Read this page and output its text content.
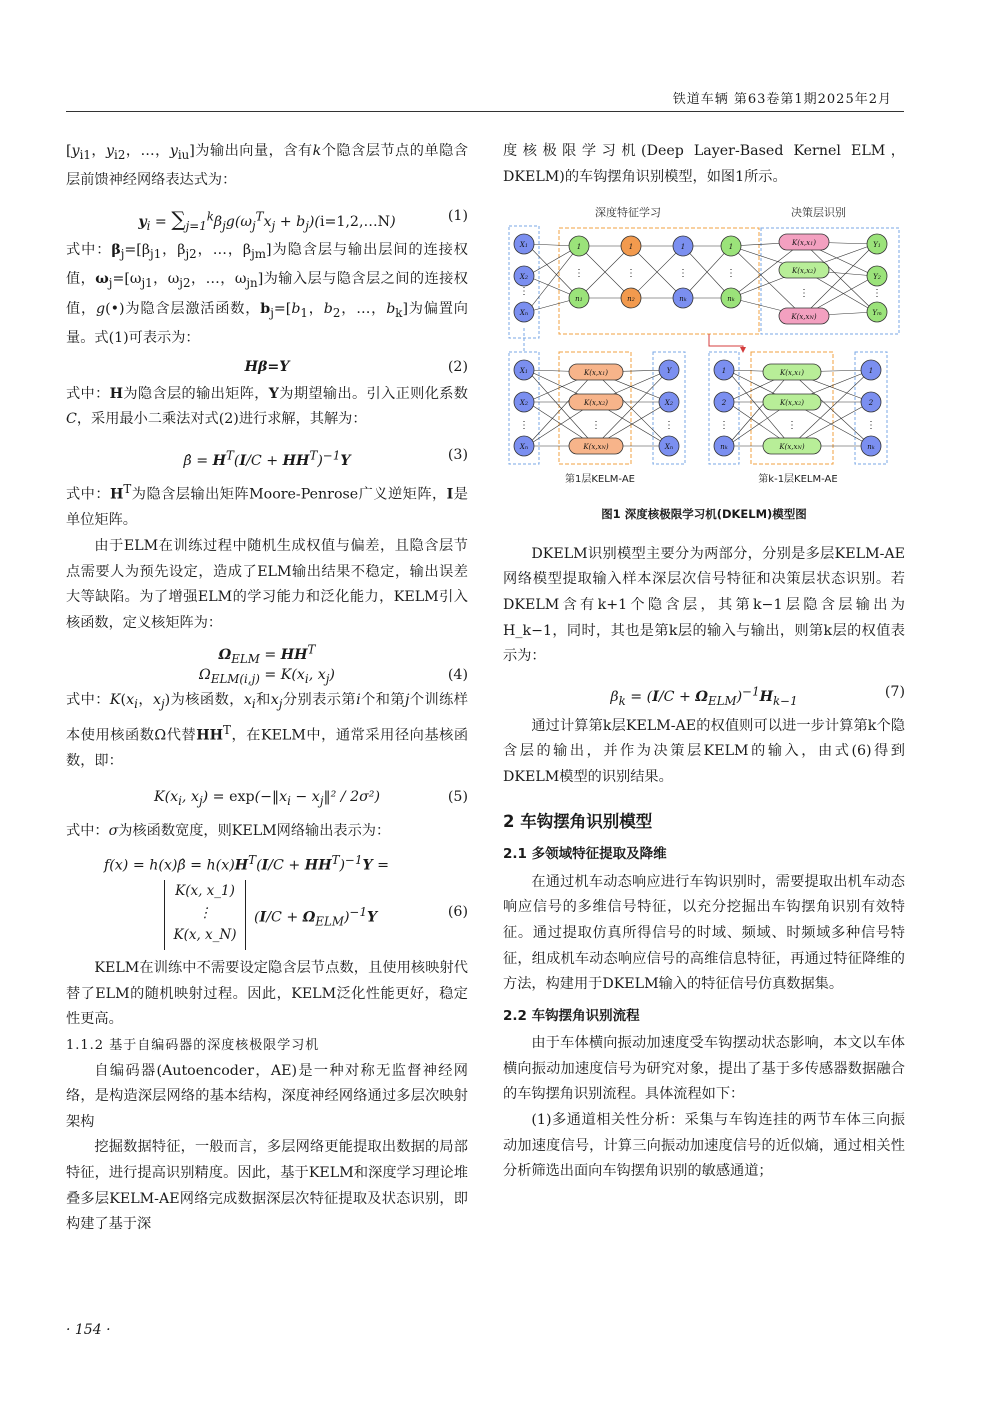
铁道车辆 第63卷第1期2025年2月

[$y_{i1}$，$y_{i2}$，…，$y_{iu}$]为输出向量，含有k个隐含层节点的单隐含层前馈神经网络表达式为：

$y_i = \sum_{j=1}^k\beta_jg(\omega_j^Tx_j$ + $b_j)(i=1,2,\dots N)$	(1)

式中：$\beta_j=[\beta_{j1}$，$\beta_{j2}$，…，$\beta_{jm}$]为隐含层与输出层间的连接权值，$\omega_j=[\omega_{j1}$，$\omega_{j2}$，…，$\omega_{jn}$]为输入层与隐含层之间的连接权值，g(•)为隐含层激活函数，$b_j=[b_1$，$b_2$，…，$b_k$]为偏置向量。式(1)可表示为：

Hβ=Y	(2)

式中：H为隐含层的输出矩阵，Y为期望输出。引入正则化系数C，采用最小二乘法对式(2)进行求解，其解为：

β̂ = $H^T(I/C + HH^T)^{-1}Y$	(3)

式中：$H^T$为隐含层输出矩阵Moore-Penrose广义逆矩阵，I是单位矩阵。

由于ELM在训练过程中随机生成权值与偏差，且隐含层节点需要人为预先设定，造成了ELM输出结果不稳定，输出误差大等缺陷。为了增强ELM的学习能力和泛化能力，KELM引入核函数，定义核矩阵为：

$\Omega_{ELM} = HH^T$
$\Omega_{ELM(i,j)} = K(x_i$, $x_j$)	(4)

式中：$K(x_i$，$x_j$)为核函数，$x_i$和$x_j$分别表示第i个和第j个训练样本使用核函数Ω代替$HH^T$，在KELM中，通常采用径向基核函数，即：

$K(x_i$, $x_j$) = $\exp(-‖x_i$ − $x_j‖^2 / 2\sigma^2$)	(5)

式中：σ为核函数宽度，则KELM网络输出表示为：

f(x) = h(x)β̂ = $h(x)H^T(I/C + HH^T)^{-1}Y$ =
K(x, x_1)
⋮
K(x, x_N)
$(I/C + \Omega_{ELM})^{-1}Y$	(6)

KELM在训练中不需要设定隐含层节点数，且使用核映射代替了ELM的随机映射过程。因此，KELM泛化性能更好，稳定性更高。

1.1.2 基于自编码器的深度核极限学习机

自编码器(Autoencoder，AE)是一种对称无监督神经网络，是构造深层网络的基本结构，深度神经网络通过多层次映射架构

挖掘数据特征，一般而言，多层网络更能提取出数据的局部特征，进行提高识别精度。因此，基于KELM和深度学习理论堆叠多层KELM-AE网络完成数据深层次特征提取及状态识别，即构建了基于深

度核极限学习机(Deep Layer-Based Kernel ELM，DKELM)的车钩摆角识别模型，如图1所示。

深度特征学习	决策层识别
X1
X2
Xn
1
n1
1
n2
1
nk
1
nk
K(x,x1)
K(x,x2)
K(x,xN)
Y1
Y2
Ym
⋮
⋮	⋮	⋮	⋮
⋮	⋮
X1
X2
Xn
K(x,x1)
K(x,x2)
K(x,xN)
Y
X2
Xn
⋮	⋮	⋮
第1层KELM-AE
1
2
nk
K(x,x1)
K(x,x2)
K(x,xN)
1
2
nk
⋮	⋮	⋮
第k-1层KELM-AE
图1 深度核极限学习机(DKELM)模型图

DKELM识别模型主要分为两部分，分别是多层KELM-AE网络模型提取输入样本深层次信号特征和决策层状态识别。若DKELM含有k+1个隐含层，其第k−1层隐含层输出为H_k−1，同时，其也是第k层的输入与输出，则第k层的权值表示为：

$\beta_k = (I/C + \Omega_{ELM})^{-1}H_{k-1}$
(7)

通过计算第k层KELM-AE的权值则可以进一步计算第k个隐含层的输出，并作为决策层KELM的输入，由式(6)得到DKELM模型的识别结果。

2 车钩摆角识别模型
2.1 多领域特征提取及降维

在通过机车动态响应进行车钩识别时，需要提取出机车动态响应信号的多维信号特征，以充分挖掘出车钩摆角识别有效特征。通过提取仿真所得信号的时域、频域、时频域多种信号特征，组成机车动态响应信号的高维信息特征，再通过特征降维的方法，构建用于DKELM输入的特征信号仿真数据集。

2.2 车钩摆角识别流程

由于车体横向振动加速度受车钩摆动状态影响，本文以车体横向振动加速度信号为研究对象，提出了基于多传感器数据融合的车钩摆角识别流程。具体流程如下：

(1)多通道相关性分析：采集与车钩连挂的两节车体三向振动加速度信号，计算三向振动加速度信号的近似熵，通过相关性分析筛选出面向车钩摆角识别的敏感通道；

· 154 ·
